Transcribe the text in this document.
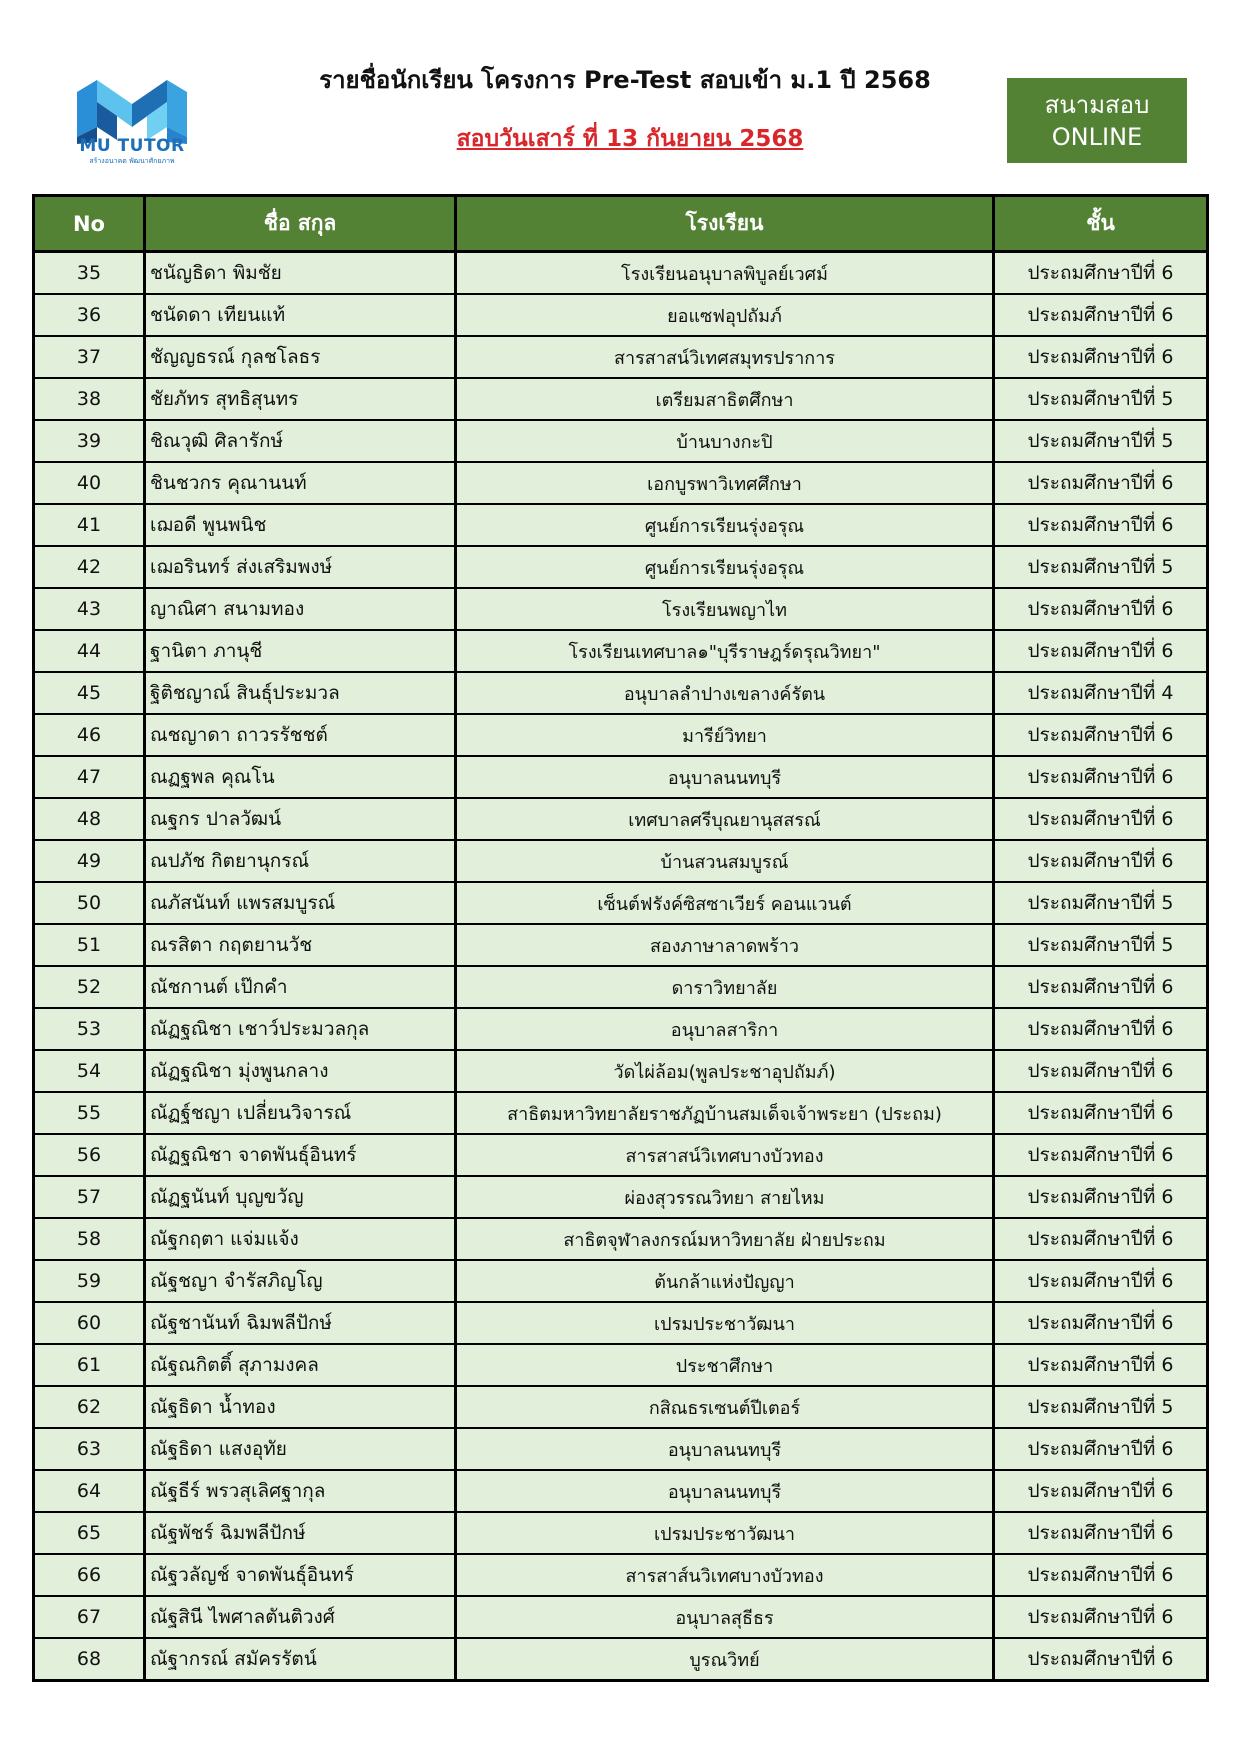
MU TUTOR
สร้างอนาคต พัฒนาศักยภาพ
รายชื่อนักเรียน โครงการ Pre-Test สอบเข้า ม.1 ปี 2568
สอบวันเสาร์ ที่ 13 กันยายน 2568
สนามสอบ
ONLINE
No	ชื่อ สกุล	โรงเรียน	ชั้น
35	ชนัญธิดา พิมชัย	โรงเรียนอนุบาลพิบูลย์เวศม์	ประถมศึกษาปีที่ 6
36	ชนัดดา เทียนแท้	ยอแซฟอุปถัมภ์	ประถมศึกษาปีที่ 6
37	ชัญญธรณ์ กุลชโลธร	สารสาสน์วิเทศสมุทรปราการ	ประถมศึกษาปีที่ 6
38	ชัยภัทร สุทธิสุนทร	เตรียมสาธิตศึกษา	ประถมศึกษาปีที่ 5
39	ชิณวุฒิ ศิลารักษ์	บ้านบางกะปิ	ประถมศึกษาปีที่ 5
40	ชินชวกร คุณานนท์	เอกบูรพาวิเทศศึกษา	ประถมศึกษาปีที่ 6
41	เฌอดี พูนพนิช	ศูนย์การเรียนรุ่งอรุณ	ประถมศึกษาปีที่ 6
42	เฌอรินทร์ ส่งเสริมพงษ์	ศูนย์การเรียนรุ่งอรุณ	ประถมศึกษาปีที่ 5
43	ญาณิศา สนามทอง	โรงเรียนพญาไท	ประถมศึกษาปีที่ 6
44	ฐานิตา ภานุชี	โรงเรียนเทศบาล๑"บุรีราษฎร์ดรุณวิทยา"	ประถมศึกษาปีที่ 6
45	ฐิติชญาณ์ สินธุ์ประมวล	อนุบาลลำปางเขลางค์รัตน	ประถมศึกษาปีที่ 4
46	ณชญาดา ถาวรรัชชต์	มารีย์วิทยา	ประถมศึกษาปีที่ 6
47	ณฏฐพล คุณโน	อนุบาลนนทบุรี	ประถมศึกษาปีที่ 6
48	ณฐกร ปาลวัฒน์	เทศบาลศรีบุณยานุสสรณ์	ประถมศึกษาปีที่ 6
49	ณปภัช กิตยานุกรณ์	บ้านสวนสมบูรณ์	ประถมศึกษาปีที่ 6
50	ณภัสนันท์ แพรสมบูรณ์	เซ็นต์ฟรังค์ซิสซาเวียร์ คอนแวนต์	ประถมศึกษาปีที่ 5
51	ณรสิตา กฤตยานวัช	สองภาษาลาดพร้าว	ประถมศึกษาปีที่ 5
52	ณัชกานต์ เป๊กคำ	ดาราวิทยาลัย	ประถมศึกษาปีที่ 6
53	ณัฏฐณิชา เชาว์ประมวลกุล	อนุบาลสาริกา	ประถมศึกษาปีที่ 6
54	ณัฏฐณิชา มุ่งพูนกลาง	วัดไผ่ล้อม(พูลประชาอุปถัมภ์)	ประถมศึกษาปีที่ 6
55	ณัฏฐ์ชญา เปลี่ยนวิจารณ์	สาธิตมหาวิทยาลัยราชภัฏบ้านสมเด็จเจ้าพระยา (ประถม)	ประถมศึกษาปีที่ 6
56	ณัฏฐณิชา จาดพันธุ์อินทร์	สารสาสน์วิเทศบางบัวทอง	ประถมศึกษาปีที่ 6
57	ณัฏฐนันท์ บุญขวัญ	ผ่องสุวรรณวิทยา สายไหม	ประถมศึกษาปีที่ 6
58	ณัฐกฤตา แจ่มแจ้ง	สาธิตจุฬาลงกรณ์มหาวิทยาลัย ฝ่ายประถม	ประถมศึกษาปีที่ 6
59	ณัฐชญา จำรัสภิญโญ	ต้นกล้าแห่งปัญญา	ประถมศึกษาปีที่ 6
60	ณัฐชานันท์ ฉิมพลีปักษ์	เปรมประชาวัฒนา	ประถมศึกษาปีที่ 6
61	ณัฐณกิตติ์ สุภามงคล	ประชาศึกษา	ประถมศึกษาปีที่ 6
62	ณัฐธิดา น้ำทอง	กสิณธรเซนต์ปีเตอร์	ประถมศึกษาปีที่ 5
63	ณัฐธิดา แสงอุทัย	อนุบาลนนทบุรี	ประถมศึกษาปีที่ 6
64	ณัฐธีร์ พรวสุเลิศฐากุล	อนุบาลนนทบุรี	ประถมศึกษาปีที่ 6
65	ณัฐพัชร์ ฉิมพลีปักษ์	เปรมประชาวัฒนา	ประถมศึกษาปีที่ 6
66	ณัฐวลัญช์ จาดพันธุ์อินทร์	สารสาส์นวิเทศบางบัวทอง	ประถมศึกษาปีที่ 6
67	ณัฐสินี ไพศาลตันติวงศ์	อนุบาลสุธีธร	ประถมศึกษาปีที่ 6
68	ณัฐากรณ์ สมัครรัตน์	บูรณวิทย์	ประถมศึกษาปีที่ 6
